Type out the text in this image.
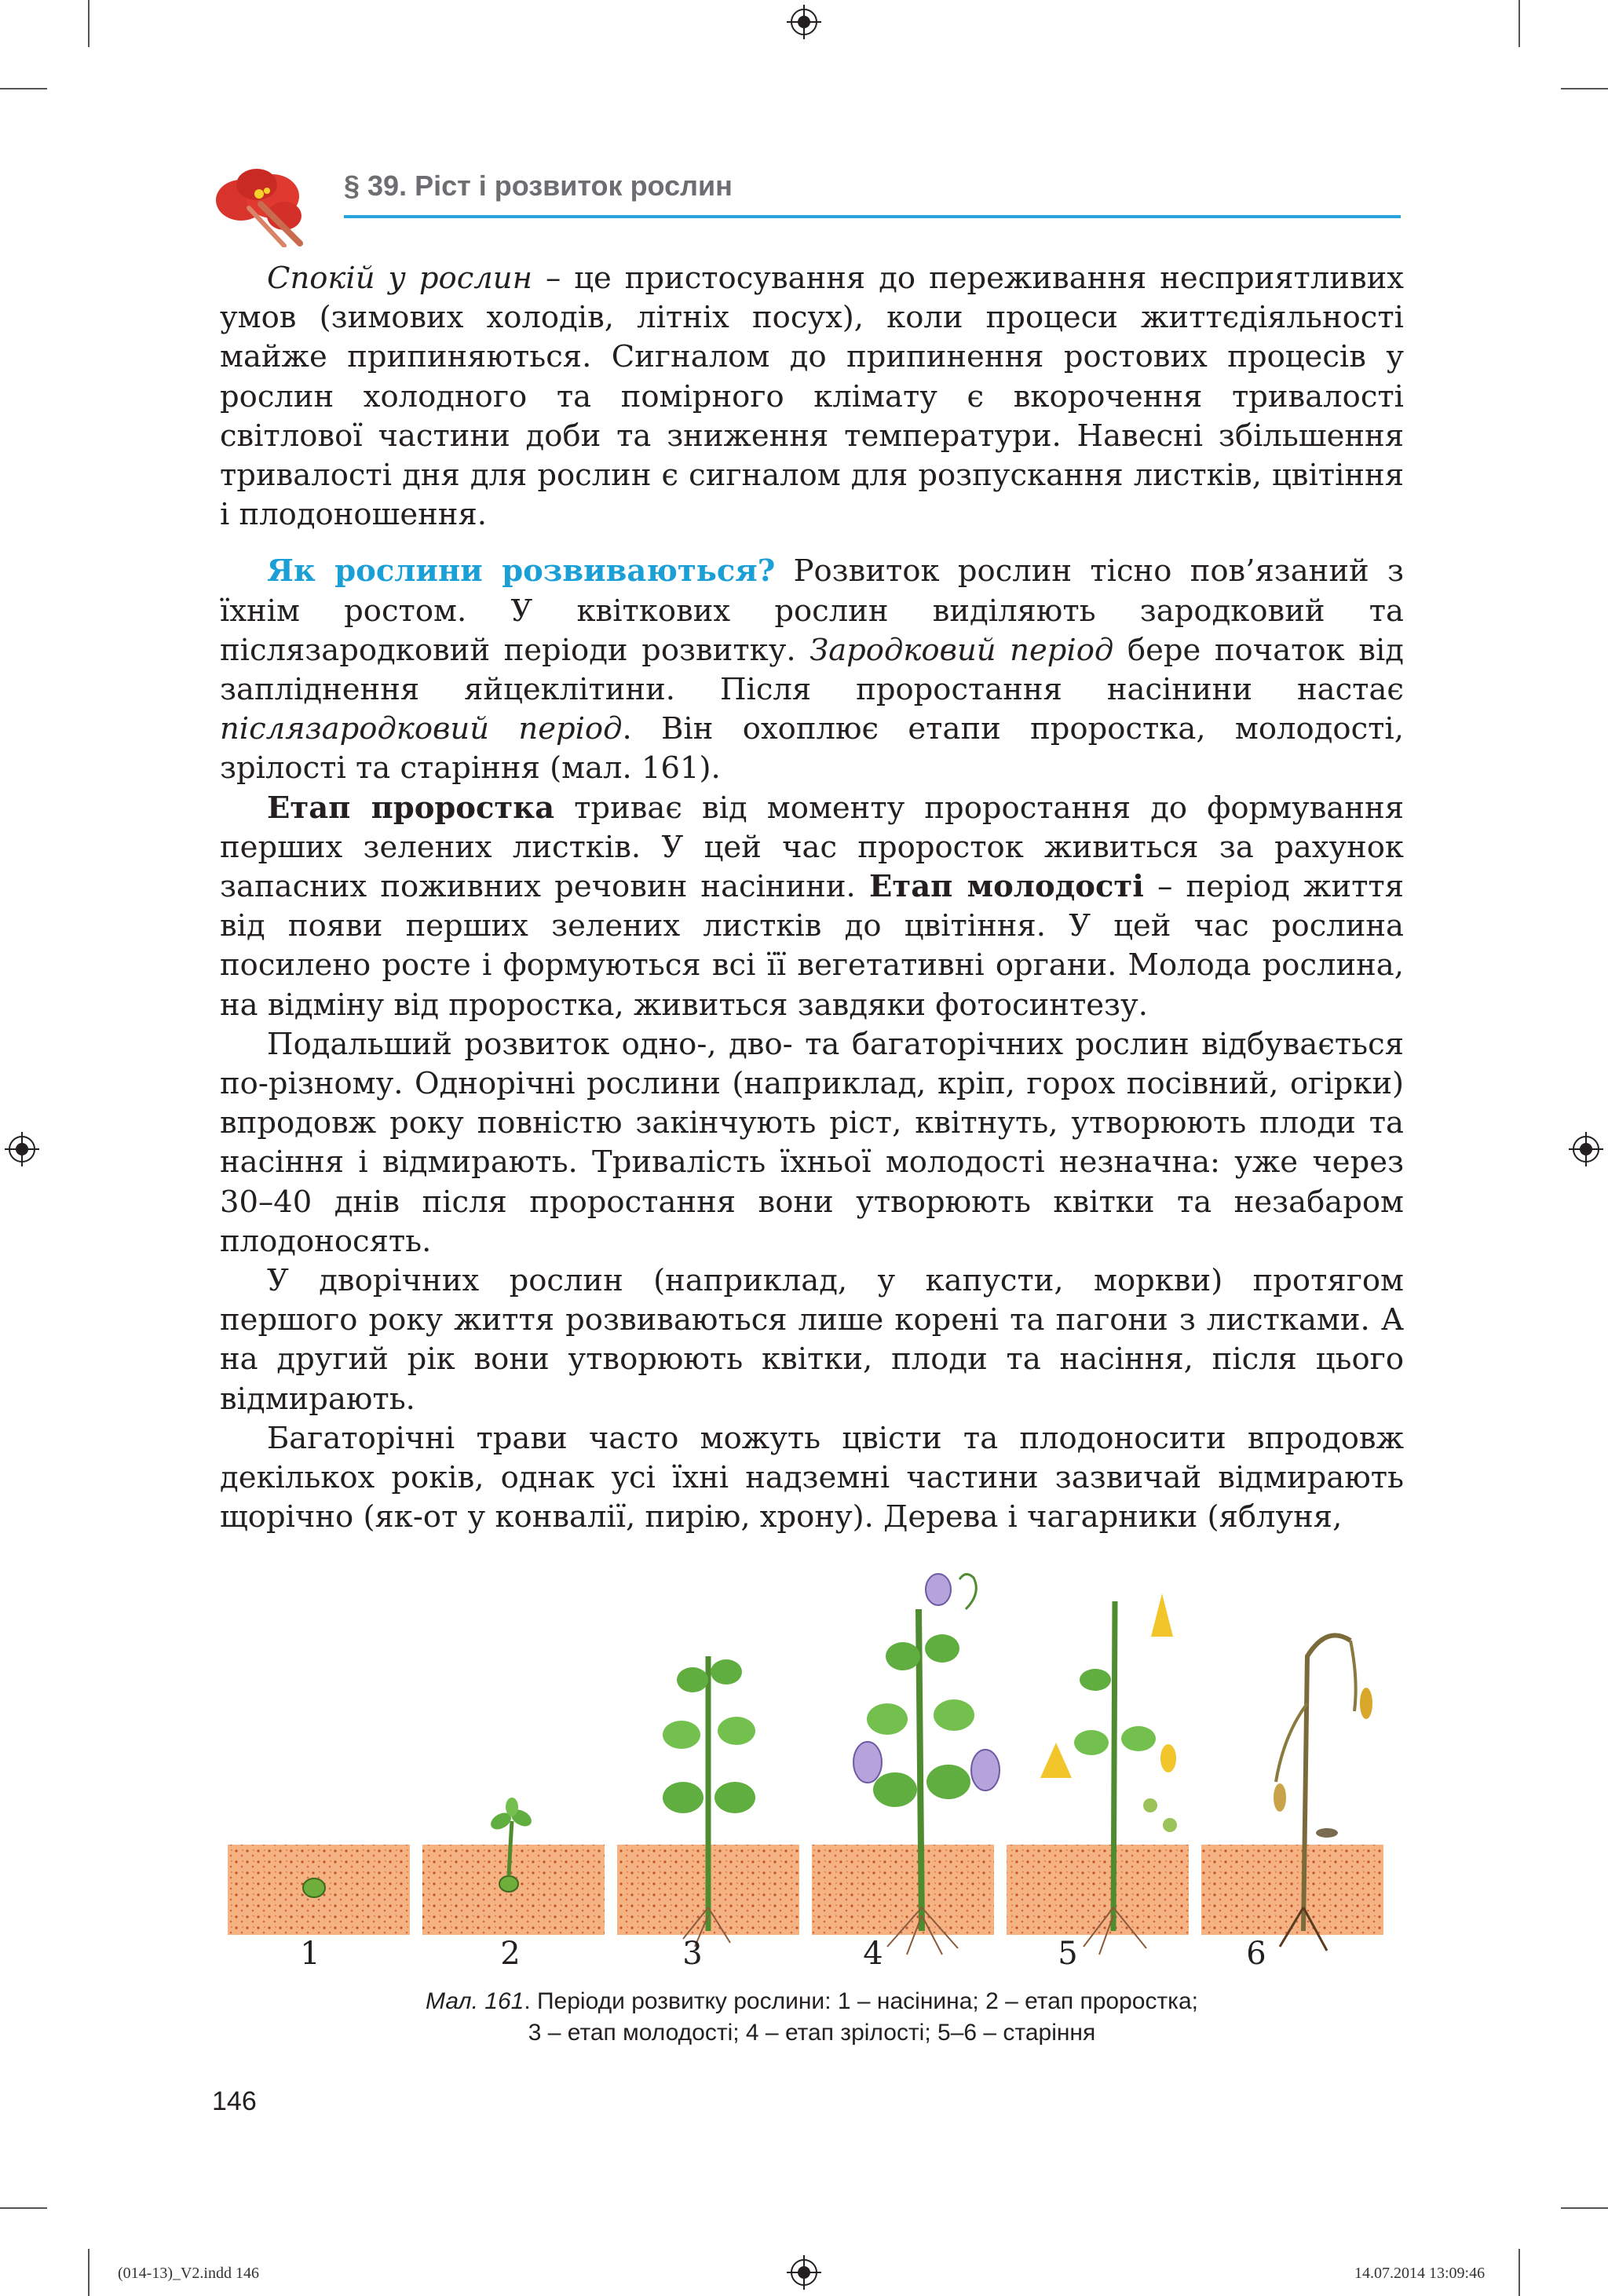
§ 39. Ріст і розвиток рослин

Спокій у рослин – це пристосування до переживання несприятливих умов (зимових холодів, літніх посух), коли процеси життєдіяльності майже припиняються. Сигналом до припинення ростових процесів у рослин холодного та помірного клімату є вкорочення тривалості світлової частини доби та зниження температури. Навесні збільшення тривалості дня для рослин є сигналом для розпускання листків, цвітіння і плодоношення.

Як рослини розвиваються? Розвиток рослин тісно пов’язаний з їхнім ростом. У квіткових рослин виділяють зародковий та післязародковий періоди розвитку. Зародковий період бере початок від запліднення яйцеклітини. Після проростання насінини настає післязародковий період. Він охоплює етапи проростка, молодості, зрілості та старіння (мал. 161).

Етап проростка триває від моменту проростання до формування перших зелених листків. У цей час проросток живиться за рахунок запасних поживних речовин насінини. Етап молодості – період життя від появи перших зелених листків до цвітіння. У цей час рослина посилено росте і формуються всі її вегетативні органи. Молода рослина, на відміну від проростка, живиться завдяки фотосинтезу.

Подальший розвиток одно-, дво- та багаторічних рослин відбувається по-різному. Однорічні рослини (наприклад, кріп, горох посівний, огірки) впродовж року повністю закінчують ріст, квітнуть, утворюють плоди та насіння і відмирають. Тривалість їхньої молодості незначна: уже через 30–40 днів після проростання вони утворюють квітки та незабаром плодоносять.

У дворічних рослин (наприклад, у капусти, моркви) протягом першого року життя розвиваються лише корені та пагони з листками. А на другий рік вони утворюють квітки, плоди та насіння, після цього відмирають.

Багаторічні трави часто можуть цвісти та плодоносити впродовж декількох років, однак усі їхні надземні частини зазвичай відмирають щорічно (як-от у конвалії, пирію, хрону). Дерева і чагарники (яблуня,

1	2	3	4	5	6
Мал. 161. Періоди розвитку рослини: 1 – насінина; 2 – етап проростка;
3 – етап молодості; 4 – етап зрілості; 5–6 – старіння
146
(014-13)_V2.indd 146	14.07.2014 13:09:46
